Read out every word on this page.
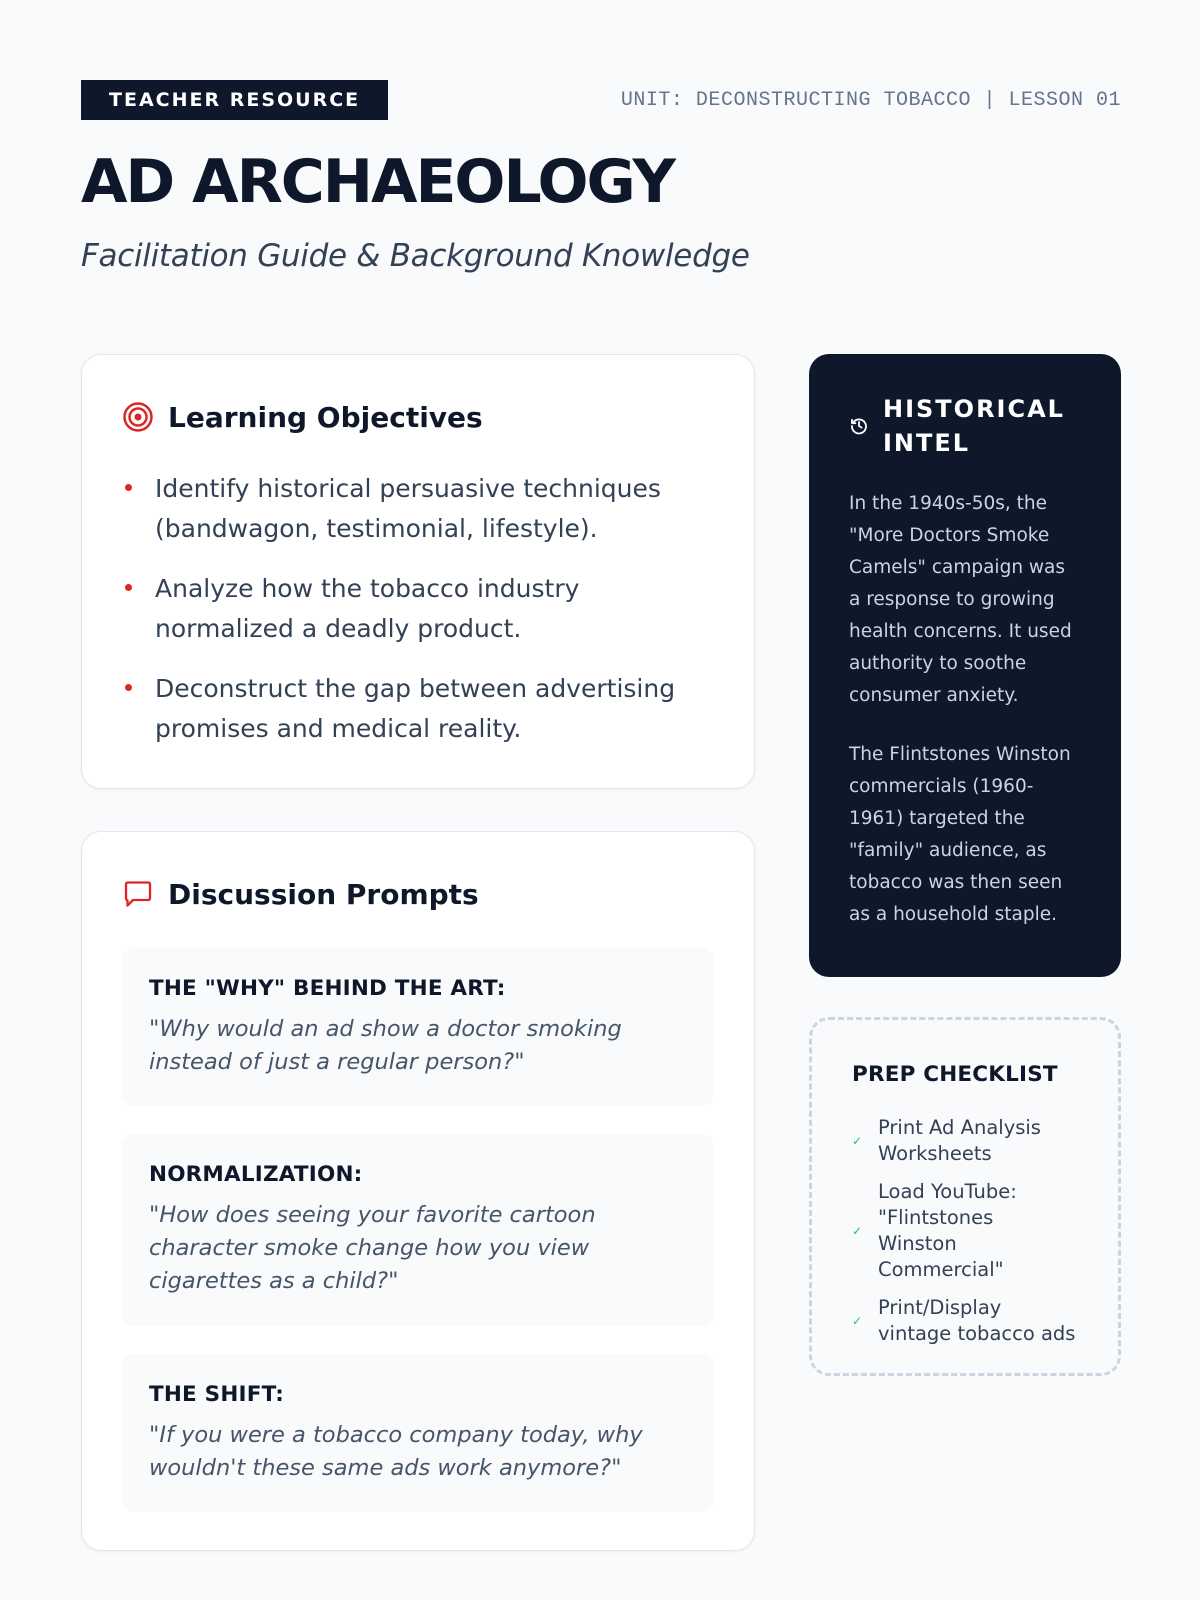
TEACHER RESOURCE	UNIT: DECONSTRUCTING TOBACCO | LESSON 01
AD ARCHAEOLOGY
Facilitation Guide & Background Knowledge
Learning Objectives
Identify historical persuasive techniques (bandwagon, testimonial, lifestyle).
Analyze how the tobacco industry normalized a deadly product.
Deconstruct the gap between advertising promises and medical reality.
Discussion Prompts
THE "WHY" BEHIND THE ART:
"Why would an ad show a doctor smoking instead of just a regular person?"
NORMALIZATION:
"How does seeing your favorite cartoon character smoke change how you view cigarettes as a child?"
THE SHIFT:
"If you were a tobacco company today, why wouldn't these same ads work anymore?"
HISTORICAL INTEL

In the 1940s-50s, the "More Doctors Smoke Camels" campaign was a response to growing health concerns. It used authority to soothe consumer anxiety.

The Flintstones Winston commercials (1960-1961) targeted the "family" audience, as tobacco was then seen as a household staple.

PREP CHECKLIST
✓
Print Ad Analysis Worksheets
✓
Load YouTube: "Flintstones Winston Commercial"
✓
Print/Display vintage tobacco ads
